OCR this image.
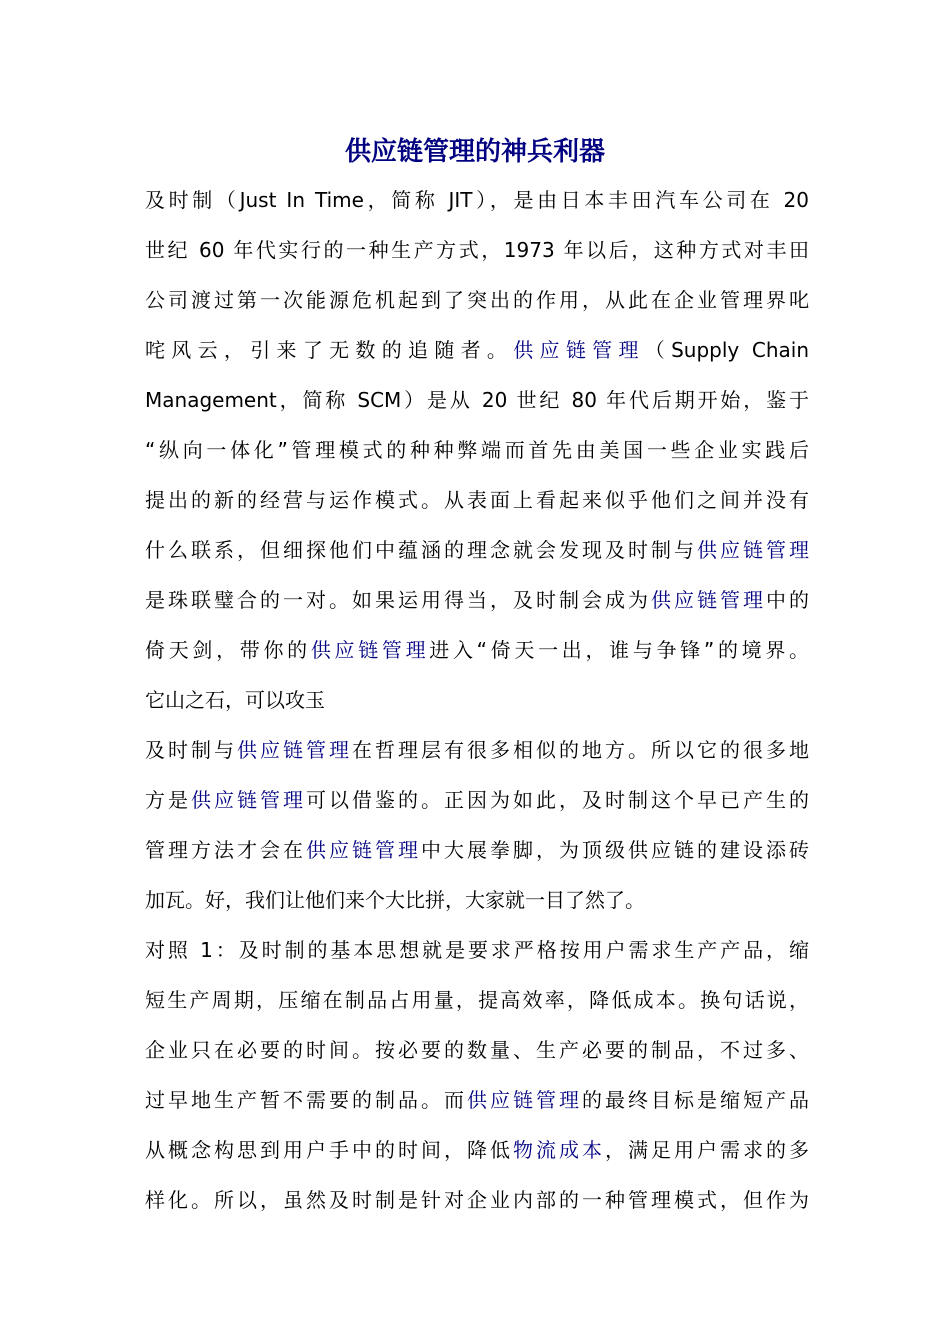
供应链管理的神兵利器
及时制（Just In Time，简称 JIT），是由日本丰田汽车公司在 20
世纪 60 年代实行的一种生产方式，1973 年以后，这种方式对丰田
公司渡过第一次能源危机起到了突出的作用，从此在企业管理界叱
咤风云，引来了无数的追随者。供应链管理（Supply Chain
Management，简称 SCM）是从 20 世纪 80 年代后期开始，鉴于
“纵向一体化”管理模式的种种弊端而首先由美国一些企业实践后
提出的新的经营与运作模式。从表面上看起来似乎他们之间并没有
什么联系，但细探他们中蕴涵的理念就会发现及时制与供应链管理
是珠联璧合的一对。如果运用得当，及时制会成为供应链管理中的
倚天剑，带你的供应链管理进入“倚天一出，谁与争锋”的境界。
它山之石，可以攻玉
及时制与供应链管理在哲理层有很多相似的地方。所以它的很多地
方是供应链管理可以借鉴的。正因为如此，及时制这个早已产生的
管理方法才会在供应链管理中大展拳脚，为顶级供应链的建设添砖
加瓦。好，我们让他们来个大比拼，大家就一目了然了。
对照 1：及时制的基本思想就是要求严格按用户需求生产产品，缩
短生产周期，压缩在制品占用量，提高效率，降低成本。换句话说，
企业只在必要的时间。按必要的数量、生产必要的制品，不过多、
过早地生产暂不需要的制品。而供应链管理的最终目标是缩短产品
从概念构思到用户手中的时间，降低物流成本，满足用户需求的多
样化。所以，虽然及时制是针对企业内部的一种管理模式，但作为
